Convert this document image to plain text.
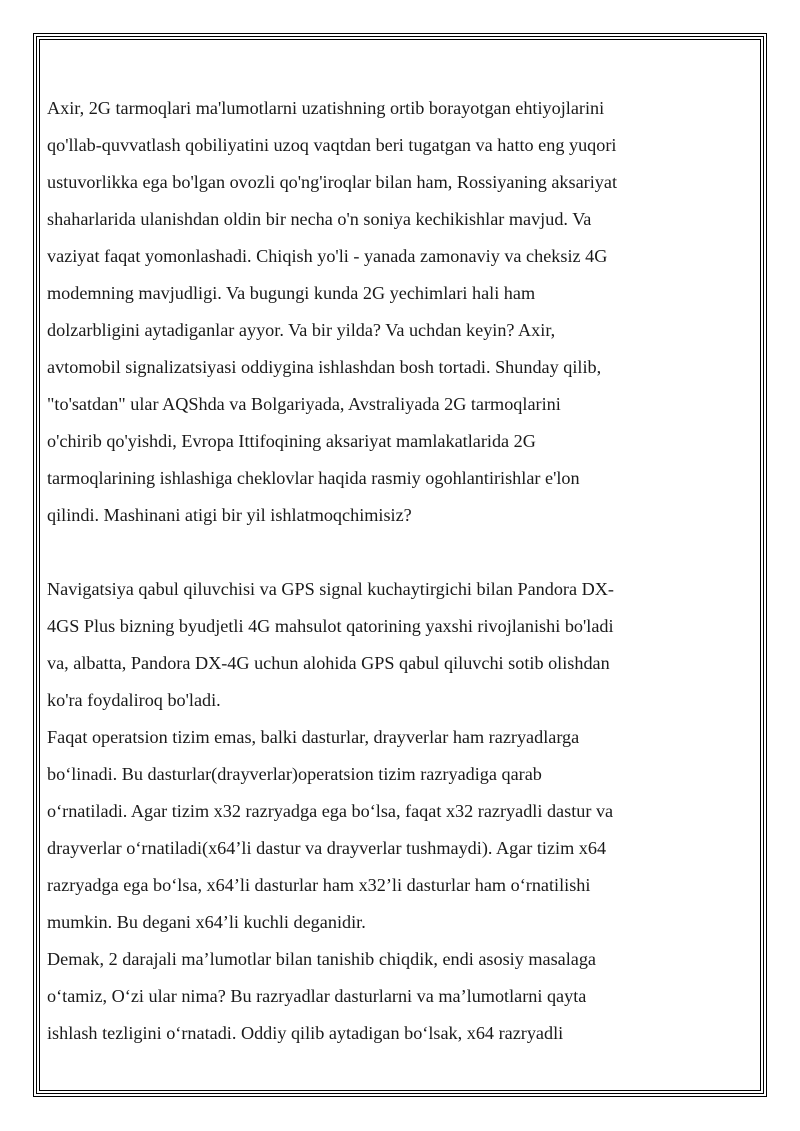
Axir, 2G tarmoqlari ma'lumotlarni uzatishning ortib borayotgan ehtiyojlarini
qo'llab-quvvatlash qobiliyatini uzoq vaqtdan beri tugatgan va hatto eng yuqori
ustuvorlikka ega bo'lgan ovozli qo'ng'iroqlar bilan ham, Rossiyaning aksariyat
shaharlarida ulanishdan oldin bir necha o'n soniya kechikishlar mavjud. Va
vaziyat faqat yomonlashadi. Chiqish yo'li - yanada zamonaviy va cheksiz 4G
modemning mavjudligi. Va bugungi kunda 2G yechimlari hali ham
dolzarbligini aytadiganlar ayyor. Va bir yilda? Va uchdan keyin? Axir,
avtomobil signalizatsiyasi oddiygina ishlashdan bosh tortadi. Shunday qilib,
"to'satdan" ular AQShda va Bolgariyada, Avstraliyada 2G tarmoqlarini
o'chirib qo'yishdi, Evropa Ittifoqining aksariyat mamlakatlarida 2G
tarmoqlarining ishlashiga cheklovlar haqida rasmiy ogohlantirishlar e'lon
qilindi. Mashinani atigi bir yil ishlatmoqchimisiz?

Navigatsiya qabul qiluvchisi va GPS signal kuchaytirgichi bilan Pandora DX-
4GS Plus bizning byudjetli 4G mahsulot qatorining yaxshi rivojlanishi bo'ladi
va, albatta, Pandora DX-4G uchun alohida GPS qabul qiluvchi sotib olishdan
ko'ra foydaliroq bo'ladi.

Faqat operatsion tizim emas, balki dasturlar, drayverlar ham razryadlarga
bo‘linadi. Bu dasturlar(drayverlar)operatsion tizim razryadiga qarab
o‘rnatiladi. Agar tizim x32 razryadga ega bo‘lsa, faqat x32 razryadli dastur va
drayverlar o‘rnatiladi(x64’li dastur va drayverlar tushmaydi). Agar tizim x64
razryadga ega bo‘lsa, x64’li dasturlar ham x32’li dasturlar ham o‘rnatilishi
mumkin. Bu degani x64’li kuchli deganidir.

Demak, 2 darajali ma’lumotlar bilan tanishib chiqdik, endi asosiy masalaga
o‘tamiz, O‘zi ular nima? Bu razryadlar dasturlarni va ma’lumotlarni qayta
ishlash tezligini o‘rnatadi. Oddiy qilib aytadigan bo‘lsak, x64 razryadli
